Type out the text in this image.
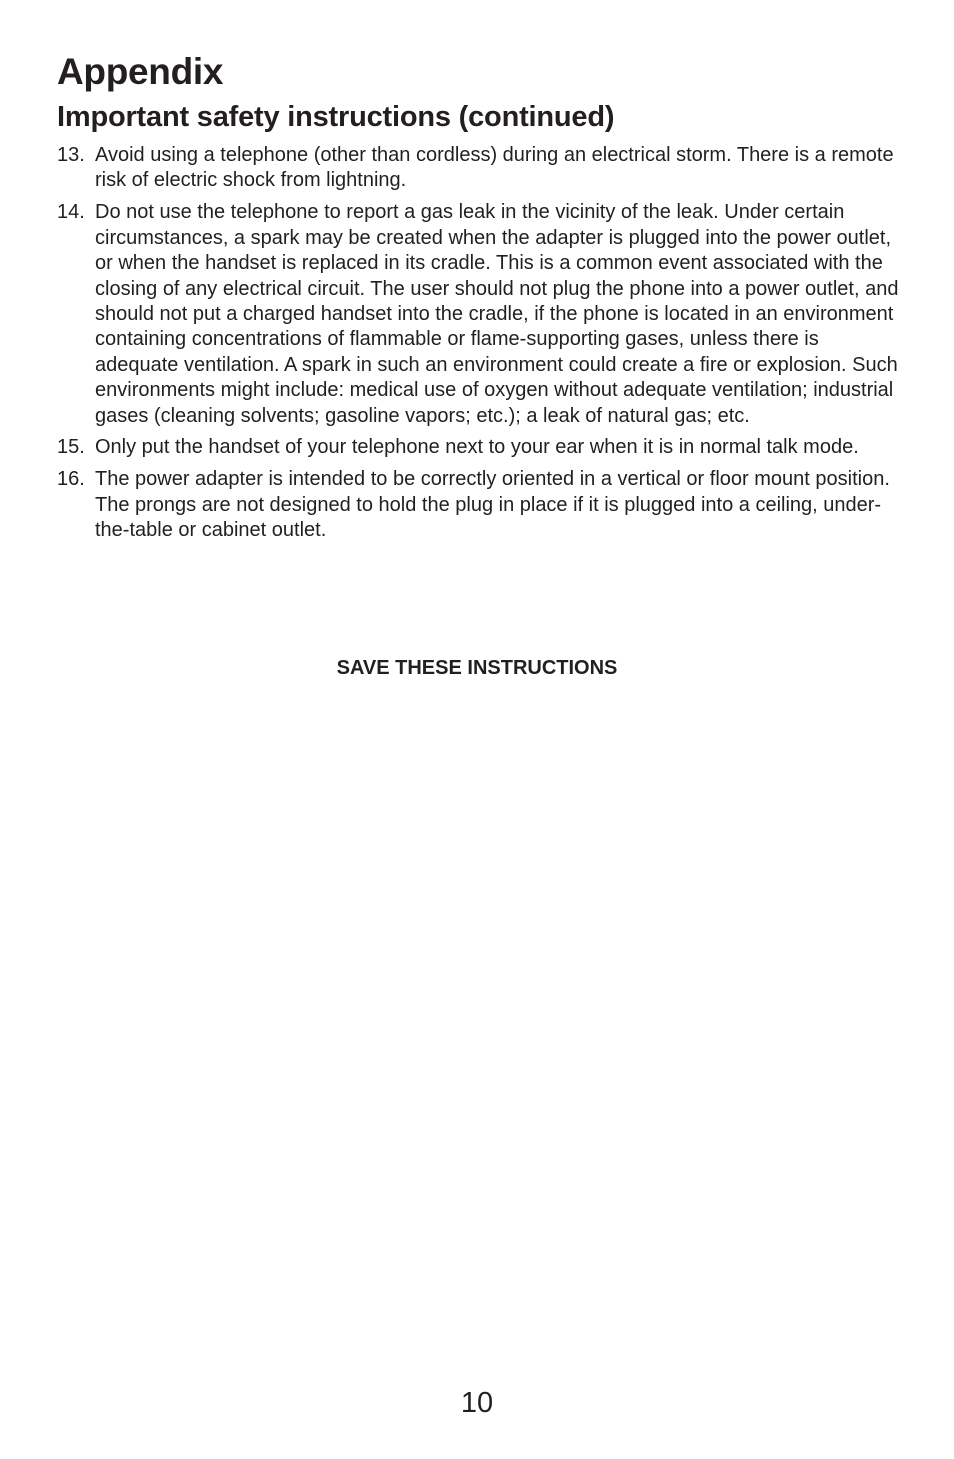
Appendix
Important safety instructions (continued)
13. Avoid using a telephone (other than cordless) during an electrical storm. There is a remote risk of electric shock from lightning.
14. Do not use the telephone to report a gas leak in the vicinity of the leak. Under certain circumstances, a spark may be created when the adapter is plugged into the power outlet, or when the handset is replaced in its cradle. This is a common event associated with the closing of any electrical circuit. The user should not plug the phone into a power outlet, and should not put a charged handset into the cradle, if the phone is located in an environment containing concentrations of flammable or flame-supporting gases, unless there is adequate ventilation. A spark in such an environment could create a fire or explosion. Such environments might include: medical use of oxygen without adequate ventilation; industrial gases (cleaning solvents; gasoline vapors; etc.); a leak of natural gas; etc.
15. Only put the handset of your telephone next to your ear when it is in normal talk mode.
16. The power adapter is intended to be correctly oriented in a vertical or floor mount position. The prongs are not designed to hold the plug in place if it is plugged into a ceiling, under-the-table or cabinet outlet.

SAVE THESE INSTRUCTIONS

10
